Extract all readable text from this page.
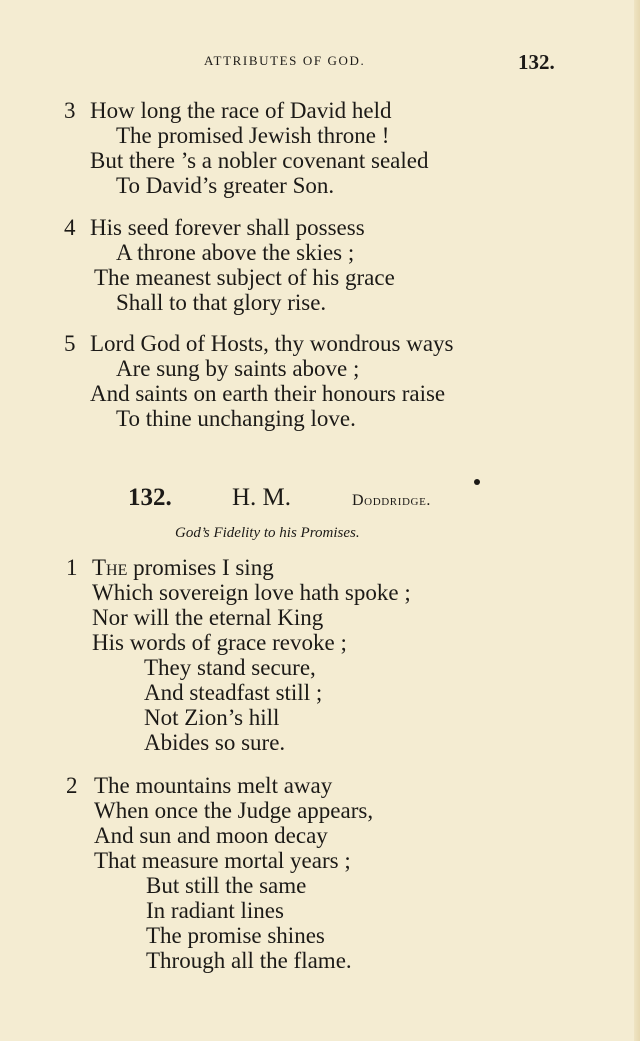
ATTRIBUTES OF GOD.	132.
3 How long the race of David held
The promised Jewish throne !
But there ’s a nobler covenant sealed
To David’s greater Son.
4 His seed forever shall possess
A throne above the skies ;
The meanest subject of his grace
Shall to that glory rise.
5 Lord God of Hosts, thy wondrous ways
Are sung by saints above ;
And saints on earth their honours raise
To thine unchanging love.
132. H. M.	Doddridge.
God’s Fidelity to his Promises.
1 The promises I sing
Which sovereign love hath spoke ;
Nor will the eternal King
His words of grace revoke ;
They stand secure,
And steadfast still ;
Not Zion’s hill
Abides so sure.
2 The mountains melt away
When once the Judge appears,
And sun and moon decay
That measure mortal years ;
But still the same
In radiant lines
The promise shines
Through all the flame.
